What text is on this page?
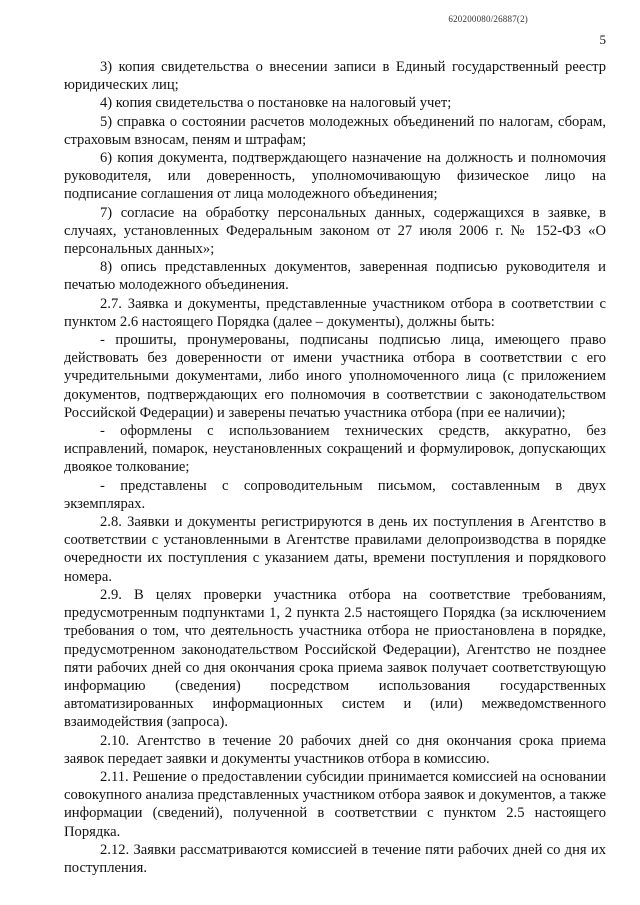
620200080/26887(2)
5

3) копия свидетельства о внесении записи в Единый государственный реестр юридических лиц;

4) копия свидетельства о постановке на налоговый учет;

5) справка о состоянии расчетов молодежных объединений по налогам, сборам, страховым взносам, пеням и штрафам;

6) копия документа, подтверждающего назначение на должность и полномочия руководителя, или доверенность, уполномочивающую физическое лицо на подписание соглашения от лица молодежного объединения;

7) согласие на обработку персональных данных, содержащихся в заявке, в случаях, установленных Федеральным законом от 27 июля 2006 г. № 152-ФЗ «О персональных данных»;

8) опись представленных документов, заверенная подписью руководителя и печатью молодежного объединения.

2.7. Заявка и документы, представленные участником отбора в соответствии с пунктом 2.6 настоящего Порядка (далее – документы), должны быть:

- прошиты, пронумерованы, подписаны подписью лица, имеющего право действовать без доверенности от имени участника отбора в соответствии с его учредительными документами, либо иного уполномоченного лица (с приложением документов, подтверждающих его полномочия в соответствии с законодательством Российской Федерации) и заверены печатью участника отбора (при ее наличии);

- оформлены с использованием технических средств, аккуратно, без исправлений, помарок, неустановленных сокращений и формулировок, допускающих двоякое толкование;

- представлены с сопроводительным письмом, составленным в двух экземплярах.

2.8. Заявки и документы регистрируются в день их поступления в Агентство в соответствии с установленными в Агентстве правилами делопроизводства в порядке очередности их поступления с указанием даты, времени поступления и порядкового номера.

2.9. В целях проверки участника отбора на соответствие требованиям, предусмотренным подпунктами 1, 2 пункта 2.5 настоящего Порядка (за исключением требования о том, что деятельность участника отбора не приостановлена в порядке, предусмотренном законодательством Российской Федерации), Агентство не позднее пяти рабочих дней со дня окончания срока приема заявок получает соответствующую информацию (сведения) посредством использования государственных автоматизированных информационных систем и (или) межведомственного взаимодействия (запроса).

2.10. Агентство в течение 20 рабочих дней со дня окончания срока приема заявок передает заявки и документы участников отбора в комиссию.

2.11. Решение о предоставлении субсидии принимается комиссией на основании совокупного анализа представленных участником отбора заявок и документов, а также информации (сведений), полученной в соответствии с пунктом 2.5 настоящего Порядка.

2.12. Заявки рассматриваются комиссией в течение пяти рабочих дней со дня их поступления.
